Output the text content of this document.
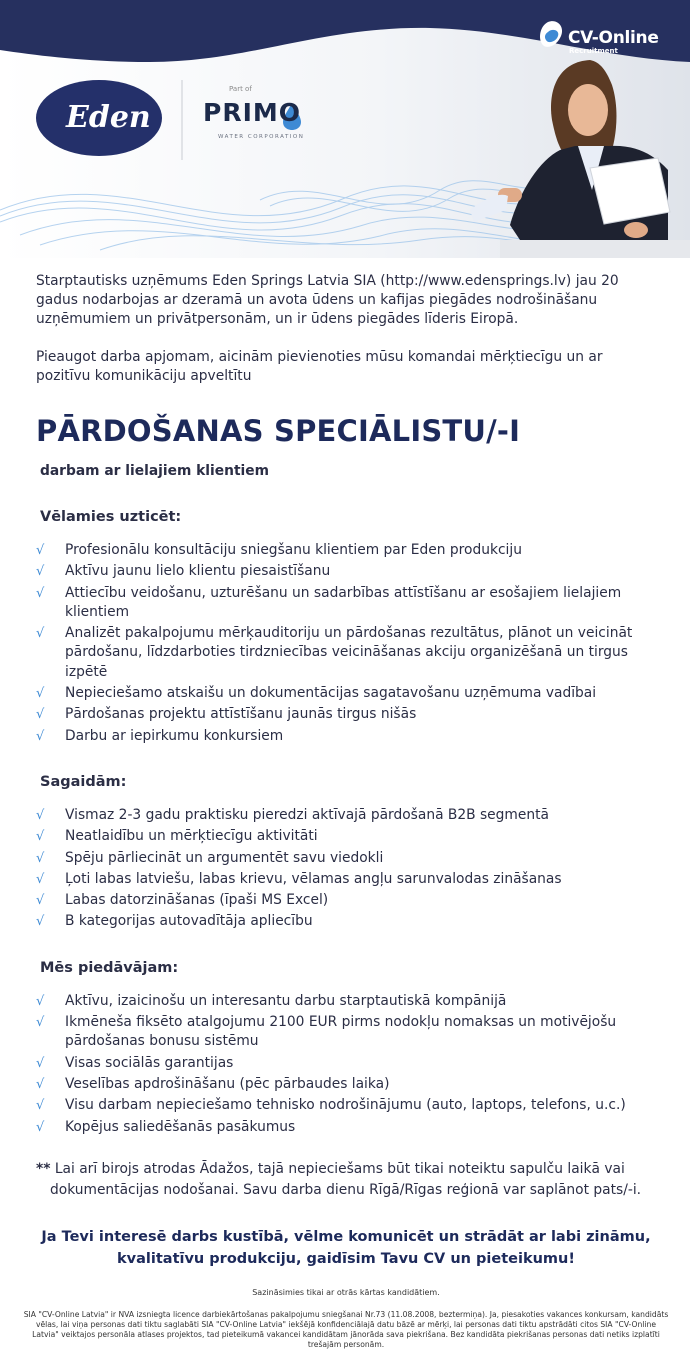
CV-Online
Recruitment
Eden
Part of
PRIMO
WATER CORPORATION

Starptautisks uzņēmums Eden Springs Latvia SIA (http://www.edensprings.lv) jau 20 gadus nodarbojas ar dzeramā un avota ūdens un kafijas piegādes nodrošināšanu uzņēmumiem un privātpersonām, un ir ūdens piegādes līderis Eiropā.

Pieaugot darba apjomam, aicinām pievienoties mūsu komandai mērķtiecīgu un ar pozitīvu komunikāciju apveltītu

PĀRDOŠANAS SPECIĀLISTU/-I
darbam ar lielajiem klientiem
Vēlamies uzticēt:
√ Profesionālu konsultāciju sniegšanu klientiem par Eden produkciju
√ Aktīvu jaunu lielo klientu piesaistīšanu
√ Attiecību veidošanu, uzturēšanu un sadarbības attīstīšanu ar esošajiem lielajiem klientiem
√ Analizēt pakalpojumu mērķauditoriju un pārdošanas rezultātus, plānot un veicināt pārdošanu, līdzdarboties tirdzniecības veicināšanas akciju organizēšanā un tirgus izpētē
√ Nepieciešamo atskaišu un dokumentācijas sagatavošanu uzņēmuma vadībai
√ Pārdošanas projektu attīstīšanu jaunās tirgus nišās
√ Darbu ar iepirkumu konkursiem
Sagaidām:
√ Vismaz 2-3 gadu praktisku pieredzi aktīvajā pārdošanā B2B segmentā
√ Neatlaidību un mērķtiecīgu aktivitāti
√ Spēju pārliecināt un argumentēt savu viedokli
√ Ļoti labas latviešu, labas krievu, vēlamas angļu sarunvalodas zināšanas
√ Labas datorzināšanas (īpaši MS Excel)
√ B kategorijas autovadītāja apliecību
Mēs piedāvājam:
√ Aktīvu, izaicinošu un interesantu darbu starptautiskā kompānijā
√ Ikmēneša fiksēto atalgojumu 2100 EUR pirms nodokļu nomaksas un motivējošu pārdošanas bonusu sistēmu
√ Visas sociālās garantijas
√ Veselības apdrošināšanu (pēc pārbaudes laika)
√ Visu darbam nepieciešamo tehnisko nodrošinājumu (auto, laptops, telefons, u.c.)
√ Kopējus saliedēšanās pasākumus
** Lai arī birojs atrodas Ādažos, tajā nepieciešams būt tikai noteiktu sapulču laikā vai dokumentācijas nodošanai. Savu darba dienu Rīgā/Rīgas reģionā var saplānot pats/-i.
Ja Tevi interesē darbs kustībā, vēlme komunicēt un strādāt ar labi zināmu, kvalitatīvu produkciju, gaidīsim Tavu CV un pieteikumu!
Sazināsimies tikai ar otrās kārtas kandidātiem.
SIA "CV-Online Latvia" ir NVA izsniegta licence darbiekārtošanas pakalpojumu sniegšanai Nr.73 (11.08.2008, beztermiņa). Ja, piesakoties vakances konkursam, kandidāts vēlas, lai viņa personas dati tiktu saglabāti SIA "CV-Online Latvia" iekšējā konfidenciālajā datu bāzē ar mērķi, lai personas dati tiktu apstrādāti citos SIA "CV-Online Latvia" veiktajos personāla atlases projektos, tad pieteikumā vakancei kandidātam jānorāda sava piekrišana. Bez kandidāta piekrišanas personas dati netiks izplatīti trešajām personām.
